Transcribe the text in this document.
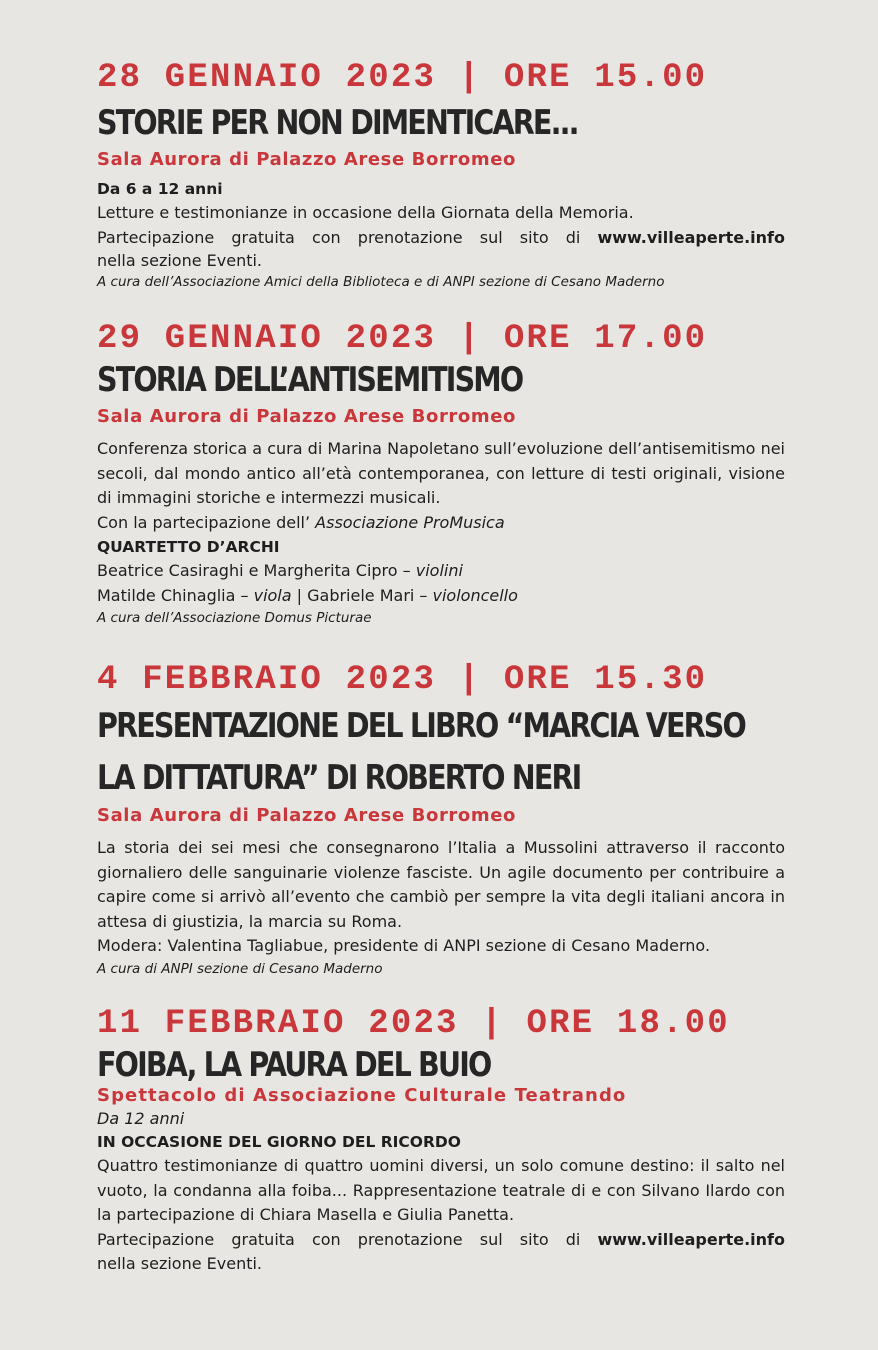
28 GENNAIO 2023 | ORE 15.00
STORIE PER NON DIMENTICARE...

Sala Aurora di Palazzo Arese Borromeo

Da 6 a 12 anni

Letture e testimonianze in occasione della Giornata della Memoria.

Partecipazione gratuita con prenotazione sul sito di www.villeaperte.info

nella sezione Eventi.

A cura dell’Associazione Amici della Biblioteca e di ANPI sezione di Cesano Maderno

29 GENNAIO 2023 | ORE 17.00
STORIA DELL’ANTISEMITISMO

Sala Aurora di Palazzo Arese Borromeo

Conferenza storica a cura di Marina Napoletano sull’evoluzione dell’antisemitismo nei secoli, dal mondo antico all’età contemporanea, con letture di testi originali, visione di immagini storiche e intermezzi musicali.

Con la partecipazione dell’ Associazione ProMusica

QUARTETTO D’ARCHI

Beatrice Casiraghi e Margherita Cipro – violini

Matilde Chinaglia – viola | Gabriele Mari – violoncello

A cura dell’Associazione Domus Picturae

4 FEBBRAIO 2023 | ORE 15.30
PRESENTAZIONE DEL LIBRO “MARCIA VERSO LA DITTATURA” DI ROBERTO NERI

Sala Aurora di Palazzo Arese Borromeo

La storia dei sei mesi che consegnarono l’Italia a Mussolini attraverso il racconto giornaliero delle sanguinarie violenze fasciste. Un agile documento per contribuire a capire come si arrivò all’evento che cambiò per sempre la vita degli italiani ancora in attesa di giustizia, la marcia su Roma.

Modera: Valentina Tagliabue, presidente di ANPI sezione di Cesano Maderno.

A cura di ANPI sezione di Cesano Maderno

11 FEBBRAIO 2023 | ORE 18.00
FOIBA, LA PAURA DEL BUIO

Spettacolo di Associazione Culturale Teatrando

Da 12 anni

IN OCCASIONE DEL GIORNO DEL RICORDO

Quattro testimonianze di quattro uomini diversi, un solo comune destino: il salto nel vuoto, la condanna alla foiba... Rappresentazione teatrale di e con Silvano Ilardo con la partecipazione di Chiara Masella e Giulia Panetta.

Partecipazione gratuita con prenotazione sul sito di www.villeaperte.info

nella sezione Eventi.
